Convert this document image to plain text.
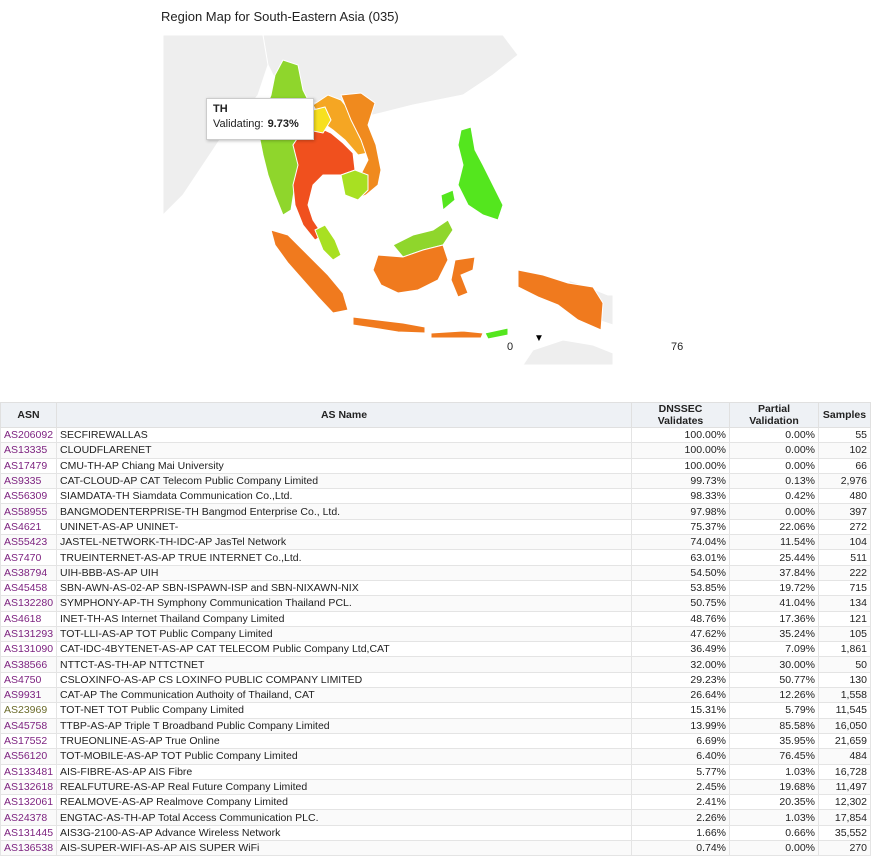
Region Map for South-Eastern Asia (035)
TH
Validating: 9.73%
▼
0	76
ASN	AS Name	DNSSEC Validates	Partial Validation	Samples
AS206092	SECFIREWALLAS	100.00%	0.00%	55
AS13335	CLOUDFLARENET	100.00%	0.00%	102
AS17479	CMU-TH-AP Chiang Mai University	100.00%	0.00%	66
AS9335	CAT-CLOUD-AP CAT Telecom Public Company Limited	99.73%	0.13%	2,976
AS56309	SIAMDATA-TH Siamdata Communication Co.,Ltd.	98.33%	0.42%	480
AS58955	BANGMODENTERPRISE-TH Bangmod Enterprise Co., Ltd.	97.98%	0.00%	397
AS4621	UNINET-AS-AP UNINET-	75.37%	22.06%	272
AS55423	JASTEL-NETWORK-TH-IDC-AP JasTel Network	74.04%	11.54%	104
AS7470	TRUEINTERNET-AS-AP TRUE INTERNET Co.,Ltd.	63.01%	25.44%	511
AS38794	UIH-BBB-AS-AP UIH	54.50%	37.84%	222
AS45458	SBN-AWN-AS-02-AP SBN-ISPAWN-ISP and SBN-NIXAWN-NIX	53.85%	19.72%	715
AS132280	SYMPHONY-AP-TH Symphony Communication Thailand PCL.	50.75%	41.04%	134
AS4618	INET-TH-AS Internet Thailand Company Limited	48.76%	17.36%	121
AS131293	TOT-LLI-AS-AP TOT Public Company Limited	47.62%	35.24%	105
AS131090	CAT-IDC-4BYTENET-AS-AP CAT TELECOM Public Company Ltd,CAT	36.49%	7.09%	1,861
AS38566	NTTCT-AS-TH-AP NTTCTNET	32.00%	30.00%	50
AS4750	CSLOXINFO-AS-AP CS LOXINFO PUBLIC COMPANY LIMITED	29.23%	50.77%	130
AS9931	CAT-AP The Communication Authoity of Thailand, CAT	26.64%	12.26%	1,558
AS23969	TOT-NET TOT Public Company Limited	15.31%	5.79%	11,545
AS45758	TTBP-AS-AP Triple T Broadband Public Company Limited	13.99%	85.58%	16,050
AS17552	TRUEONLINE-AS-AP True Online	6.69%	35.95%	21,659
AS56120	TOT-MOBILE-AS-AP TOT Public Company Limited	6.40%	76.45%	484
AS133481	AIS-FIBRE-AS-AP AIS Fibre	5.77%	1.03%	16,728
AS132618	REALFUTURE-AS-AP Real Future Company Limited	2.45%	19.68%	11,497
AS132061	REALMOVE-AS-AP Realmove Company Limited	2.41%	20.35%	12,302
AS24378	ENGTAC-AS-TH-AP Total Access Communication PLC.	2.26%	1.03%	17,854
AS131445	AIS3G-2100-AS-AP Advance Wireless Network	1.66%	0.66%	35,552
AS136538	AIS-SUPER-WIFI-AS-AP AIS SUPER WiFi	0.74%	0.00%	270
